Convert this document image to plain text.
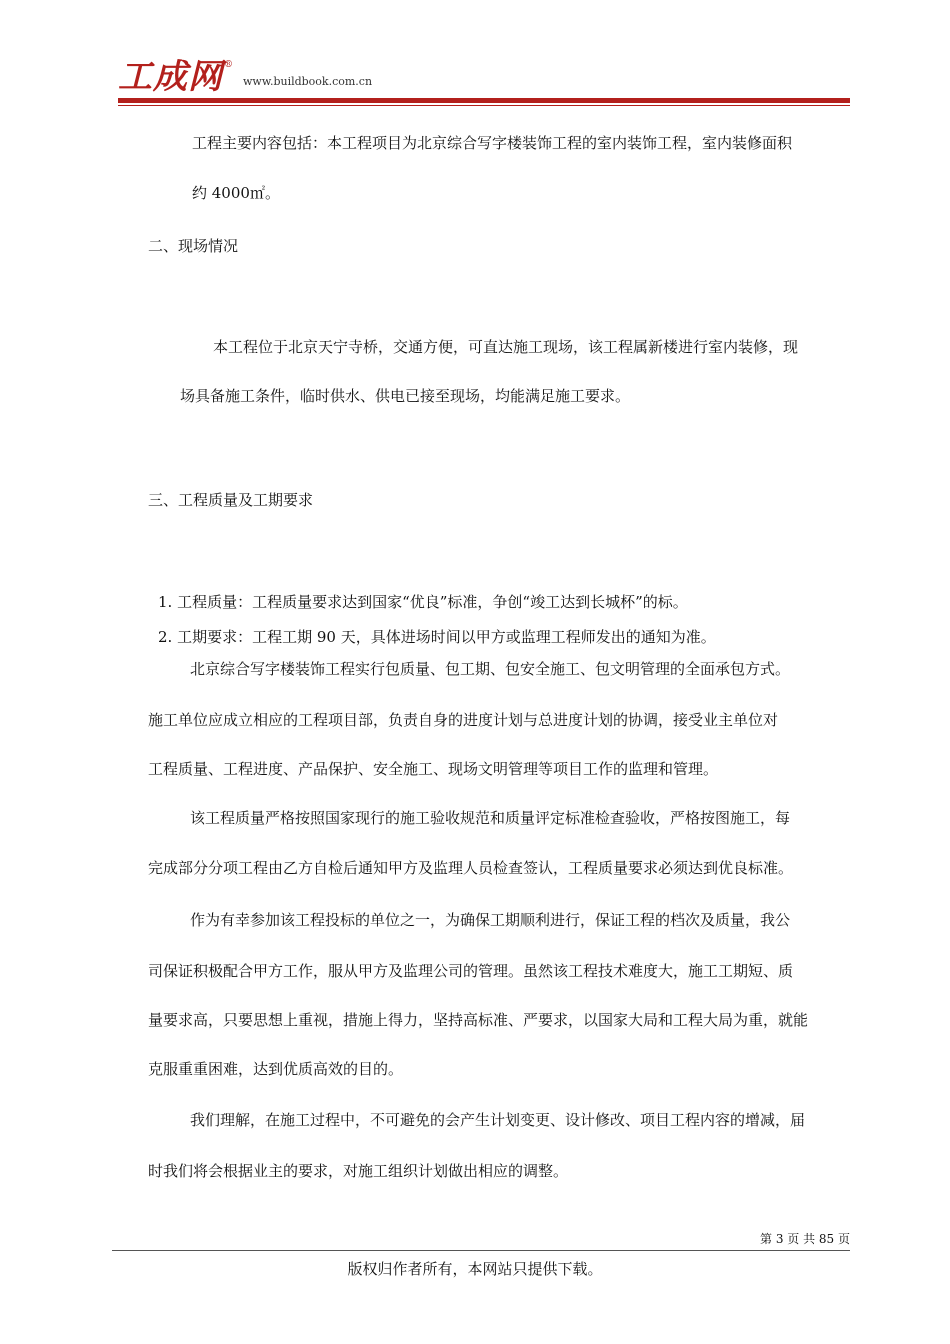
工成网 ®
www.buildbook.com.cn
工程主要内容包括：本工程项目为北京综合写字楼装饰工程的室内装饰工程，室内装修面积
约 4000㎡。
二、现场情况
本工程位于北京天宁寺桥，交通方便，可直达施工现场，该工程属新楼进行室内装修，现
场具备施工条件，临时供水、供电已接至现场，均能满足施工要求。
三、工程质量及工期要求
1. 工程质量：工程质量要求达到国家“优良”标准，争创“竣工达到长城杯”的标。
2. 工期要求：工程工期 90 天，具体进场时间以甲方或监理工程师发出的通知为准。
北京综合写字楼装饰工程实行包质量、包工期、包安全施工、包文明管理的全面承包方式。
施工单位应成立相应的工程项目部，负责自身的进度计划与总进度计划的协调，接受业主单位对
工程质量、工程进度、产品保护、安全施工、现场文明管理等项目工作的监理和管理。
该工程质量严格按照国家现行的施工验收规范和质量评定标准检查验收，严格按图施工，每
完成部分分项工程由乙方自检后通知甲方及监理人员检查签认，工程质量要求必须达到优良标准。
作为有幸参加该工程投标的单位之一，为确保工期顺利进行，保证工程的档次及质量，我公
司保证积极配合甲方工作，服从甲方及监理公司的管理。虽然该工程技术难度大，施工工期短、质
量要求高，只要思想上重视，措施上得力，坚持高标准、严要求，以国家大局和工程大局为重，就能
克服重重困难，达到优质高效的目的。
我们理解，在施工过程中，不可避免的会产生计划变更、设计修改、项目工程内容的增减，届
时我们将会根据业主的要求，对施工组织计划做出相应的调整。
第 3 页 共 85 页
版权归作者所有，本网站只提供下载。
